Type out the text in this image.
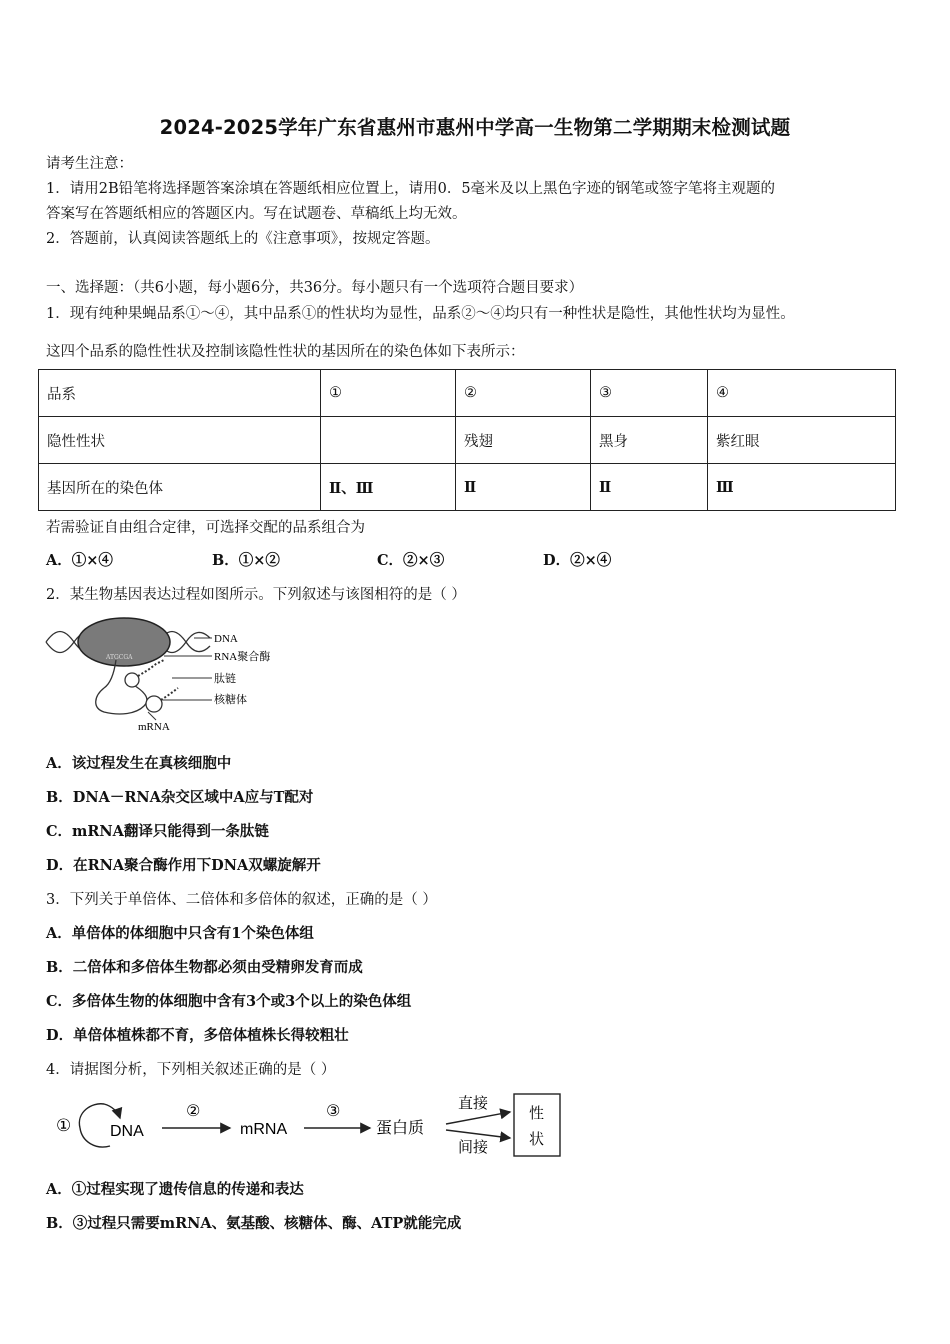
2024-2025学年广东省惠州市惠州中学高一生物第二学期期末检测试题
请考生注意：
1．请用2B铅笔将选择题答案涂填在答题纸相应位置上，请用0．5毫米及以上黑色字迹的钢笔或签字笔将主观题的
答案写在答题纸相应的答题区内。写在试题卷、草稿纸上均无效。
2．答题前，认真阅读答题纸上的《注意事项》，按规定答题。
一、选择题：（共6小题，每小题6分，共36分。每小题只有一个选项符合题目要求）
1．现有纯种果蝇品系①～④，其中品系①的性状均为显性，品系②～④均只有一种性状是隐性，其他性状均为显性。
这四个品系的隐性性状及控制该隐性性状的基因所在的染色体如下表所示：
品系	①	②	③	④
隐性性状		残翅	黑身	紫红眼
基因所在的染色体	Ⅱ、Ⅲ	Ⅱ	Ⅱ	Ⅲ
若需验证自由组合定律，可选择交配的品系组合为
A．①×④	B．①×②	C．②×③	D．②×④
2．某生物基因表达过程如图所示。下列叙述与该图相符的是（ ）
ATGCGA
DNA
RNA聚合酶
肽链
核糖体
mRNA
A．该过程发生在真核细胞中
B．DNA－RNA杂交区域中A应与T配对
C．mRNA翻译只能得到一条肽链
D．在RNA聚合酶作用下DNA双螺旋解开
3．下列关于单倍体、二倍体和多倍体的叙述，正确的是（ ）
A．单倍体的体细胞中只含有1个染色体组
B．二倍体和多倍体生物都必须由受精卵发育而成
C．多倍体生物的体细胞中含有3个或3个以上的染色体组
D．单倍体植株都不育，多倍体植株长得较粗壮
4．请据图分析，下列相关叙述正确的是（ ）
① DNA
②
mRNA
③
蛋白质
直接
间接
性
状
A．①过程实现了遗传信息的传递和表达
B．③过程只需要mRNA、氨基酸、核糖体、酶、ATP就能完成
